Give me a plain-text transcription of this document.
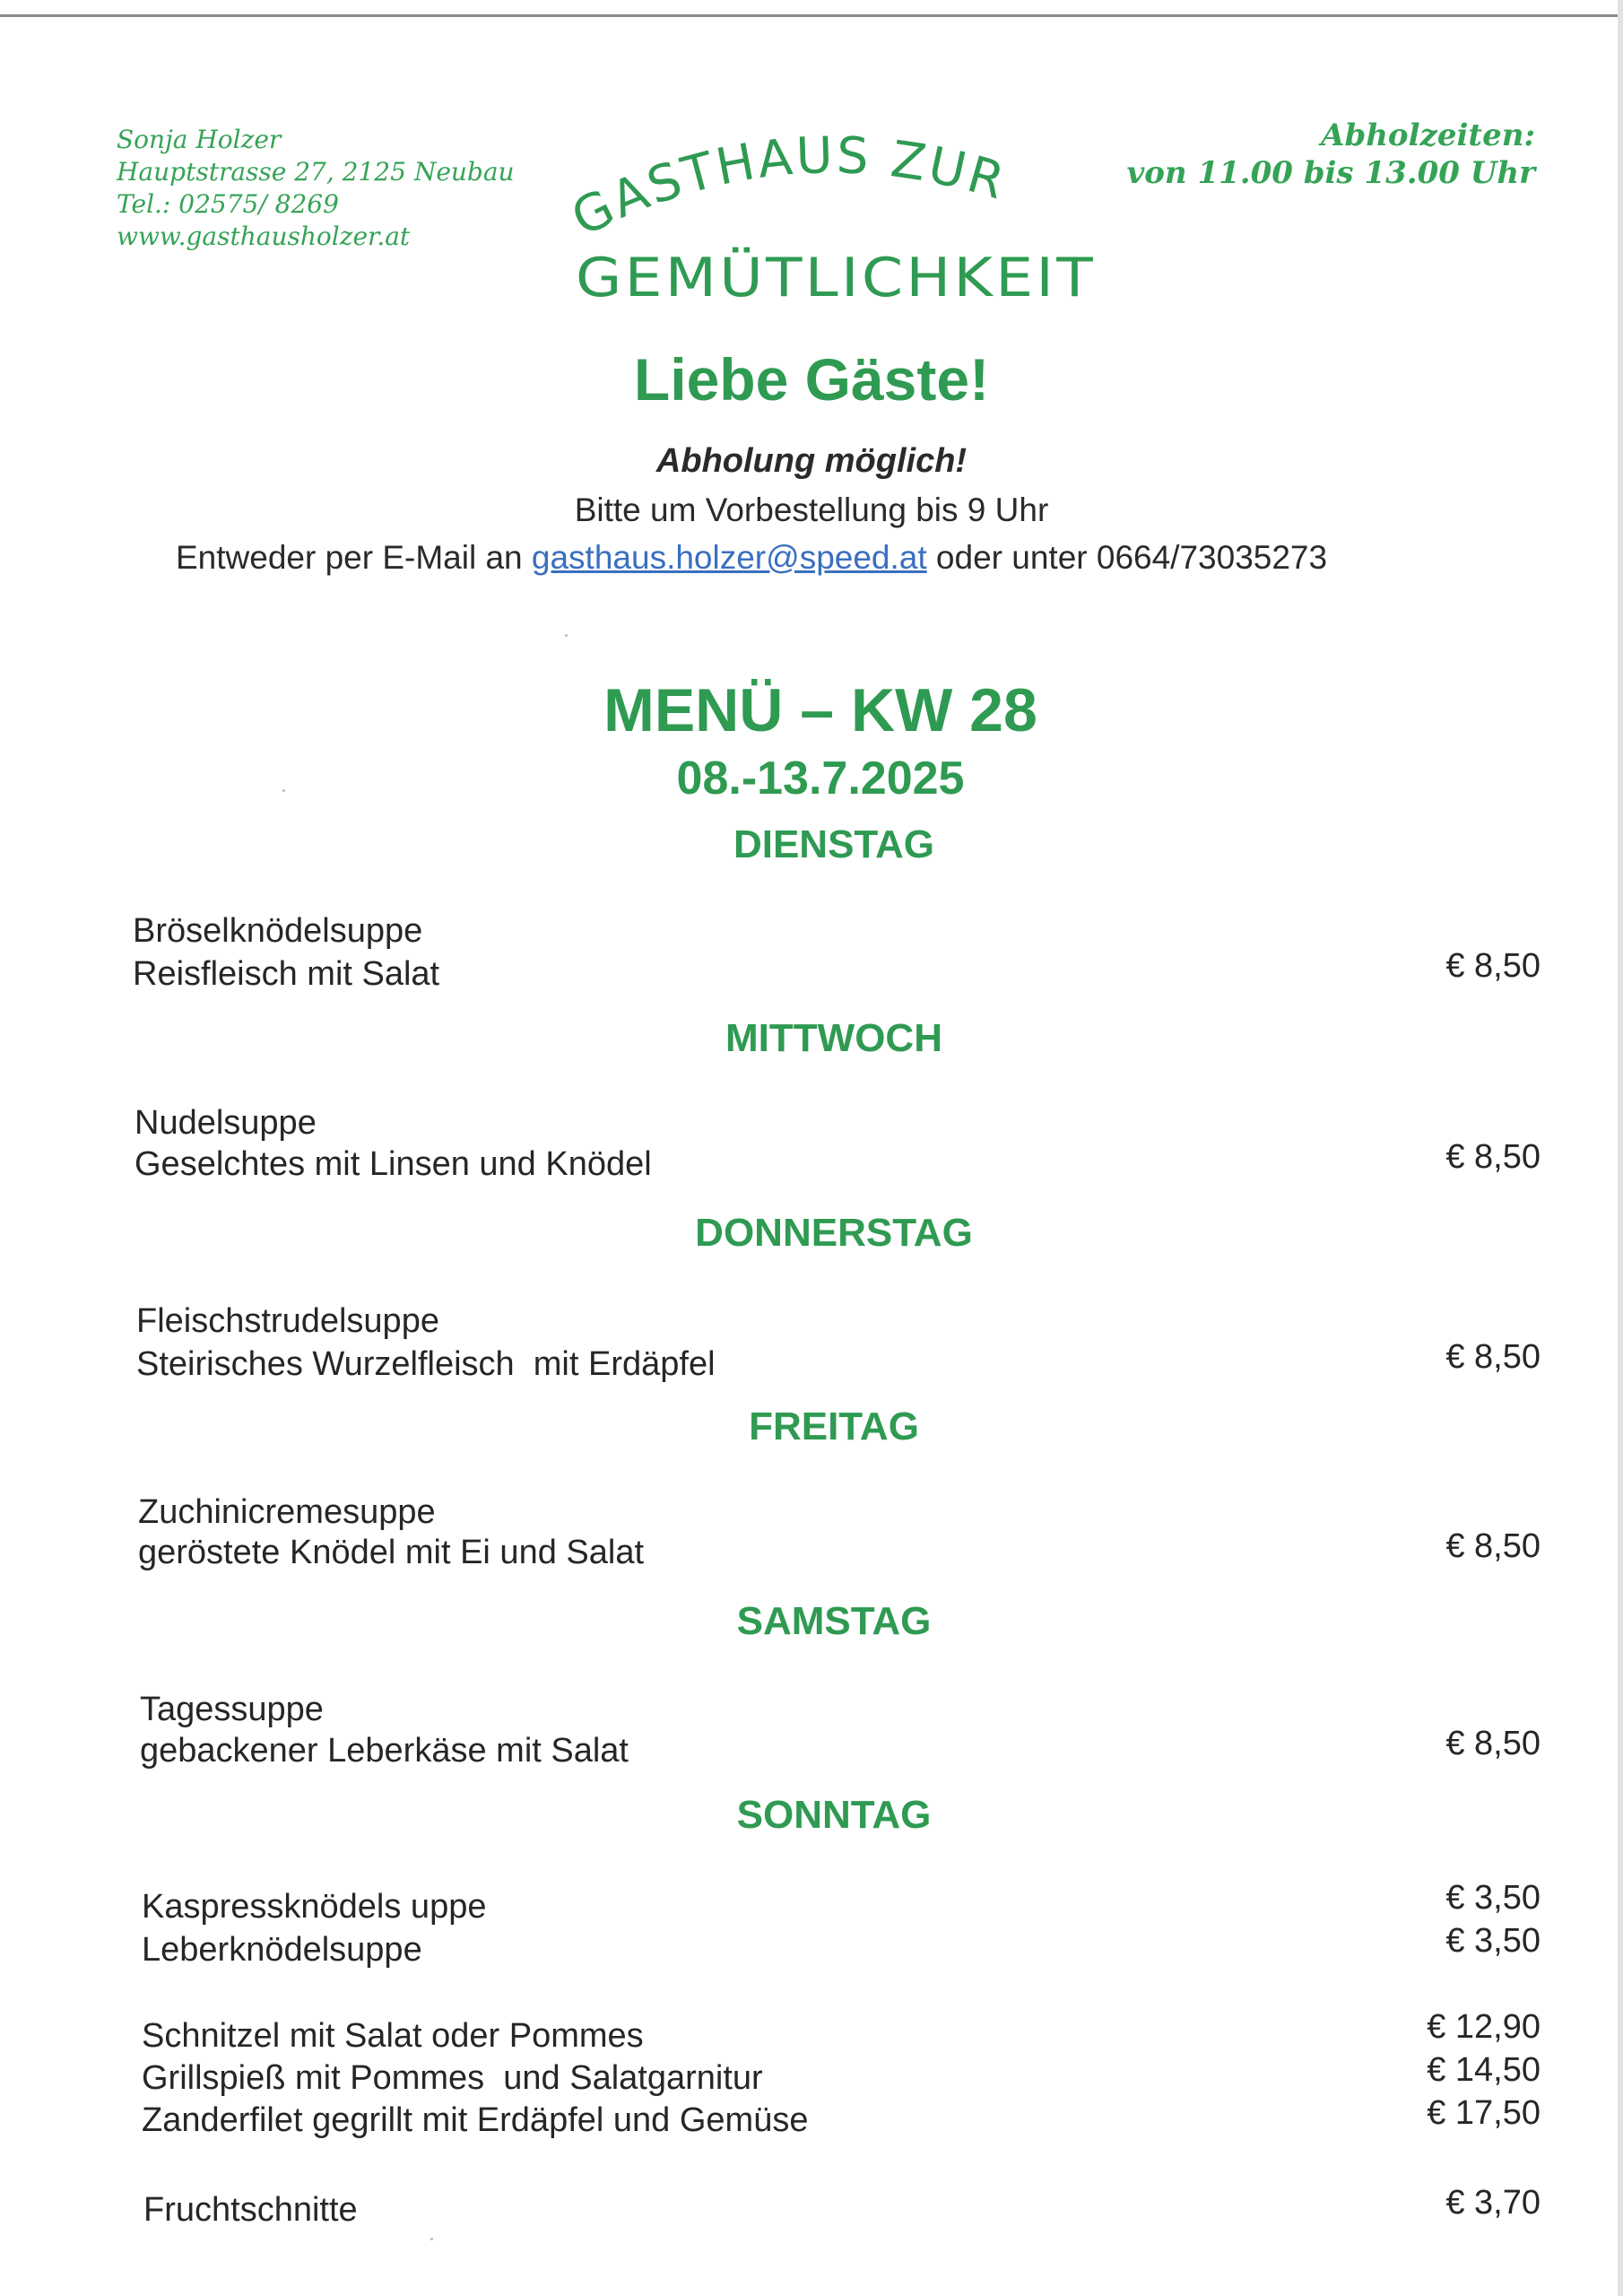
Sonja Holzer
Hauptstrasse 27, 2125 Neubau
Tel.: 02575/ 8269
www.gasthausholzer.at
Abholzeiten:
von 11.00 bis 13.00 Uhr
GASTHAUS ZUR
GEMÜTLICHKEIT
Liebe Gäste!
Abholung möglich!
Bitte um Vorbestellung bis 9 Uhr
Entweder per E-Mail an gasthaus.holzer@speed.at oder unter 0664/73035273
MENÜ – KW 28
08.-13.7.2025
DIENSTAG
MITTWOCH
DONNERSTAG
FREITAG
SAMSTAG
SONNTAG
Bröselknödelsuppe
Reisfleisch mit Salat	€ 8,50
Nudelsuppe
Geselchtes mit Linsen und Knödel	€ 8,50
Fleischstrudelsuppe
Steirisches Wurzelfleisch  mit Erdäpfel	€ 8,50
Zuchinicremesuppe
geröstete Knödel mit Ei und Salat	€ 8,50
Tagessuppe
gebackener Leberkäse mit Salat	€ 8,50
Kaspressknödels uppe	€ 3,50
Leberknödelsuppe	€ 3,50
Schnitzel mit Salat oder Pommes	€ 12,90
Grillspieß mit Pommes  und Salatgarnitur	€ 14,50
Zanderfilet gegrillt mit Erdäpfel und Gemüse	€ 17,50
Fruchtschnitte	€ 3,70
